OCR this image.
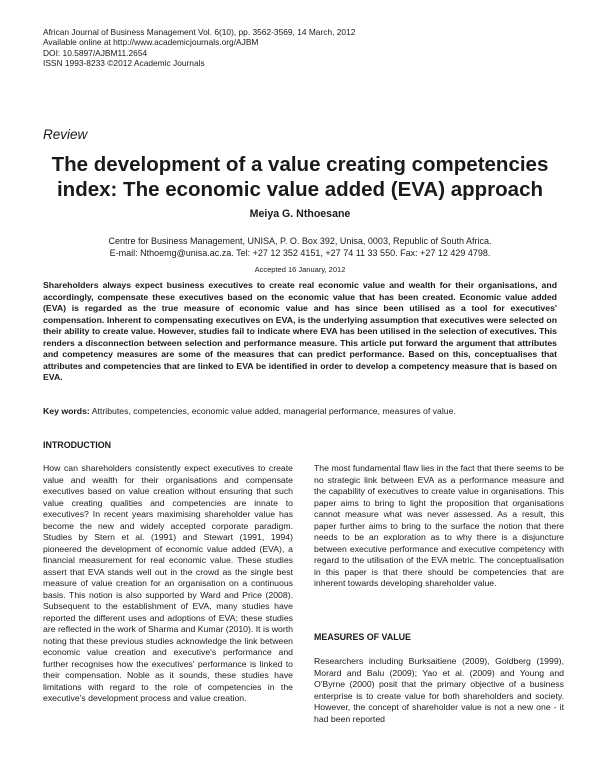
African Journal of Business Management Vol. 6(10), pp. 3562-3569, 14 March, 2012
Available online at http://www.academicjournals.org/AJBM
DOI: 10.5897/AJBM11.2654
ISSN 1993-8233 ©2012 Academic Journals
Review
The development of a value creating competencies index: The economic value added (EVA) approach
Meiya G. Nthoesane
Centre for Business Management, UNISA, P. O. Box 392, Unisa, 0003, Republic of South Africa.
E-mail: Nthoemg@unisa.ac.za. Tel: +27 12 352 4151, +27 74 11 33 550. Fax: +27 12 429 4798.
Accepted 16 January, 2012

Shareholders always expect business executives to create real economic value and wealth for their organisations, and accordingly, compensate these executives based on the economic value that has been created. Economic value added (EVA) is regarded as the true measure of economic value and has since been utilised as a tool for executives' compensation. Inherent to compensating executives on EVA, is the underlying assumption that executives were selected on their ability to create value. However, studies fail to indicate where EVA has been utilised in the selection of executives. This renders a disconnection between selection and performance measure. This article put forward the argument that attributes and competency measures are some of the measures that can predict performance. Based on this, conceptualises that attributes and competencies that are linked to EVA be identified in order to develop a competency measure that is based on EVA.

Key words: Attributes, competencies, economic value added, managerial performance, measures of value.
INTRODUCTION

How can shareholders consistently expect executives to create value and wealth for their organisations and compensate executives based on value creation without ensuring that such value creating qualities and competencies are innate to executives? In recent years maximising shareholder value has become the new and widely accepted corporate paradigm. Studies by Stern et al. (1991) and Stewart (1991, 1994) pioneered the development of economic value added (EVA), a financial measurement for real economic value. These studies assert that EVA stands well out in the crowd as the single best measure of value creation for an organisation on a continuous basis. This notion is also supported by Ward and Price (2008). Subsequent to the establishment of EVA, many studies have reported the different uses and adoptions of EVA; these studies are reflected in the work of Sharma and Kumar (2010). It is worth noting that these previous studies acknowledge the link between economic value creation and executive's performance and further recognises how the executives' performance is linked to their compensation. Noble as it sounds, these studies have limitations with regard to the role of competencies in the executive's development process and value creation.

The most fundamental flaw lies in the fact that there seems to be no strategic link between EVA as a performance measure and the capability of executives to create value in organisations. This paper aims to bring to light the proposition that organisations cannot measure what was never assessed. As a result, this paper further aims to bring to the surface the notion that there needs to be an exploration as to why there is a disjuncture between executive performance and executive competency with regard to the utilisation of the EVA metric. The conceptualisation in this paper is that there should be competencies that are inherent towards developing shareholder value.

MEASURES OF VALUE

Researchers including Burksaitiene (2009), Goldberg (1999), Morard and Balu (2009); Yao et al. (2009) and Young and O'Byrne (2000) posit that the primary objective of a business enterprise is to create value for both shareholders and society. However, the concept of shareholder value is not a new one - it had been reported
